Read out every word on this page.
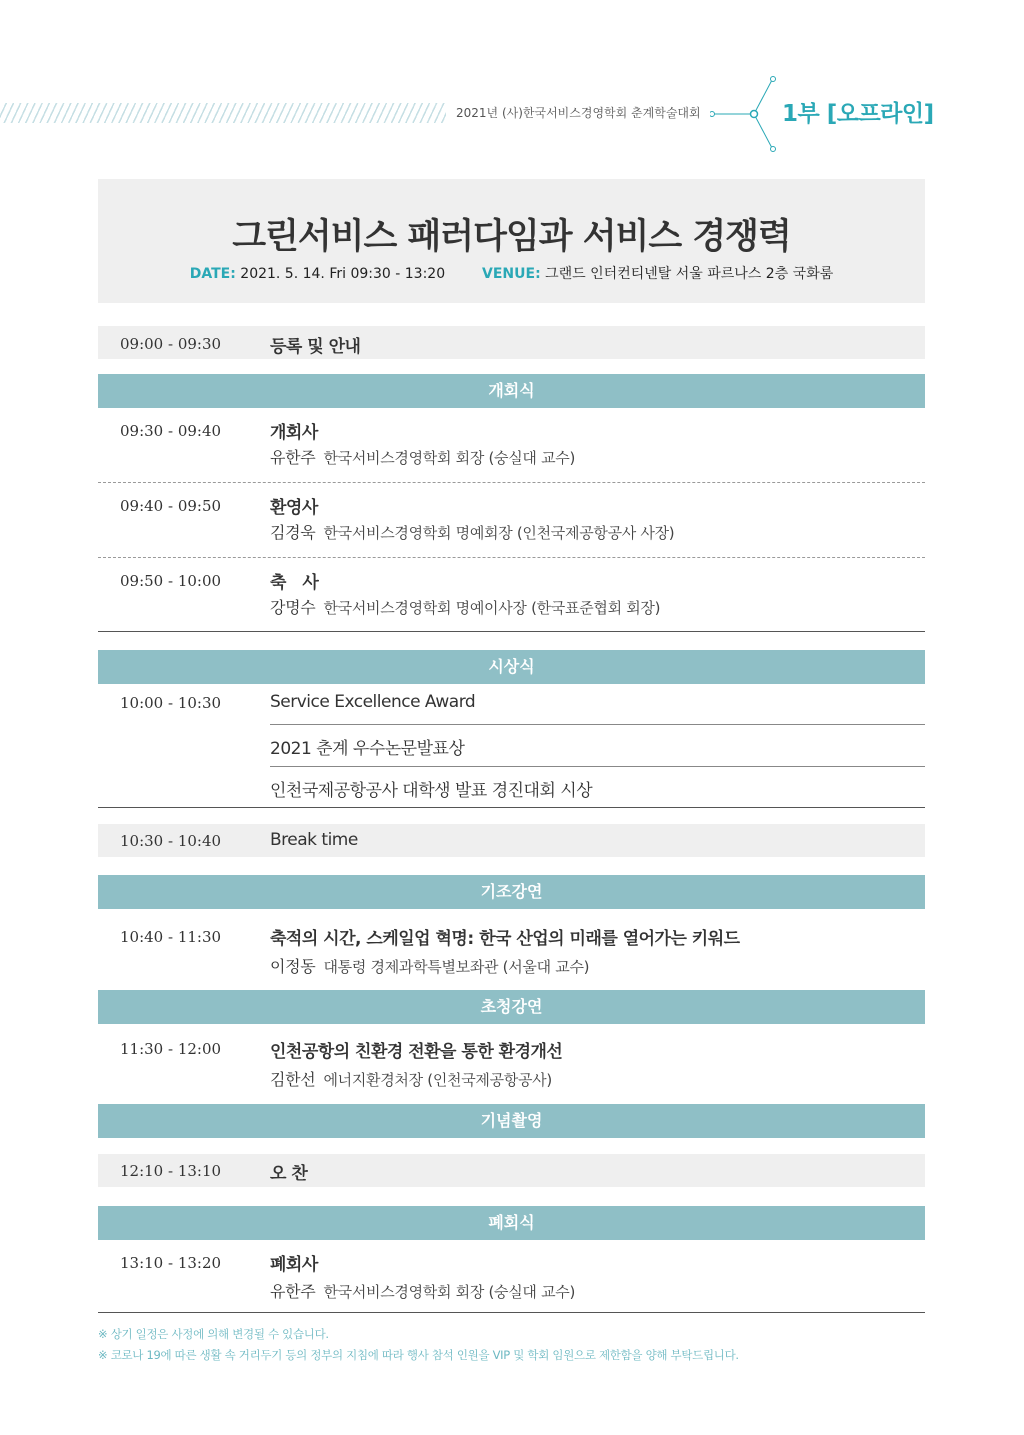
2021년 (사)한국서비스경영학회 춘계학술대회	1부 [오프라인]
그린서비스 패러다임과 서비스 경쟁력
DATE: 2021. 5. 14. Fri 09:30 - 13:20	VENUE: 그랜드 인터컨티넨탈 서울 파르나스 2층 국화룸
09:00 - 09:30	등록 및 안내
개회식
09:30 - 09:40	개회사
유한주 한국서비스경영학회 회장 (숭실대 교수)
09:40 - 09:50	환영사
김경욱 한국서비스경영학회 명예회장 (인천국제공항공사 사장)
09:50 - 10:00	축　사
강명수 한국서비스경영학회 명예이사장 (한국표준협회 회장)
시상식
10:00 - 10:30	Service Excellence Award
2021 춘계 우수논문발표상
인천국제공항공사 대학생 발표 경진대회 시상
10:30 - 10:40	Break time
기조강연
10:40 - 11:30	축적의 시간, 스케일업 혁명: 한국 산업의 미래를 열어가는 키워드
이정동 대통령 경제과학특별보좌관 (서울대 교수)
초청강연
11:30 - 12:00	인천공항의 친환경 전환을 통한 환경개선
김한선 에너지환경처장 (인천국제공항공사)
기념촬영
12:10 - 13:10	오 찬
폐회식
13:10 - 13:20	폐회사
유한주 한국서비스경영학회 회장 (숭실대 교수)
※ 상기 일정은 사정에 의해 변경될 수 있습니다.
※ 코로나 19에 따른 생활 속 거리두기 등의 정부의 지침에 따라 행사 참석 인원을 VIP 및 학회 임원으로 제한함을 양해 부탁드립니다.
